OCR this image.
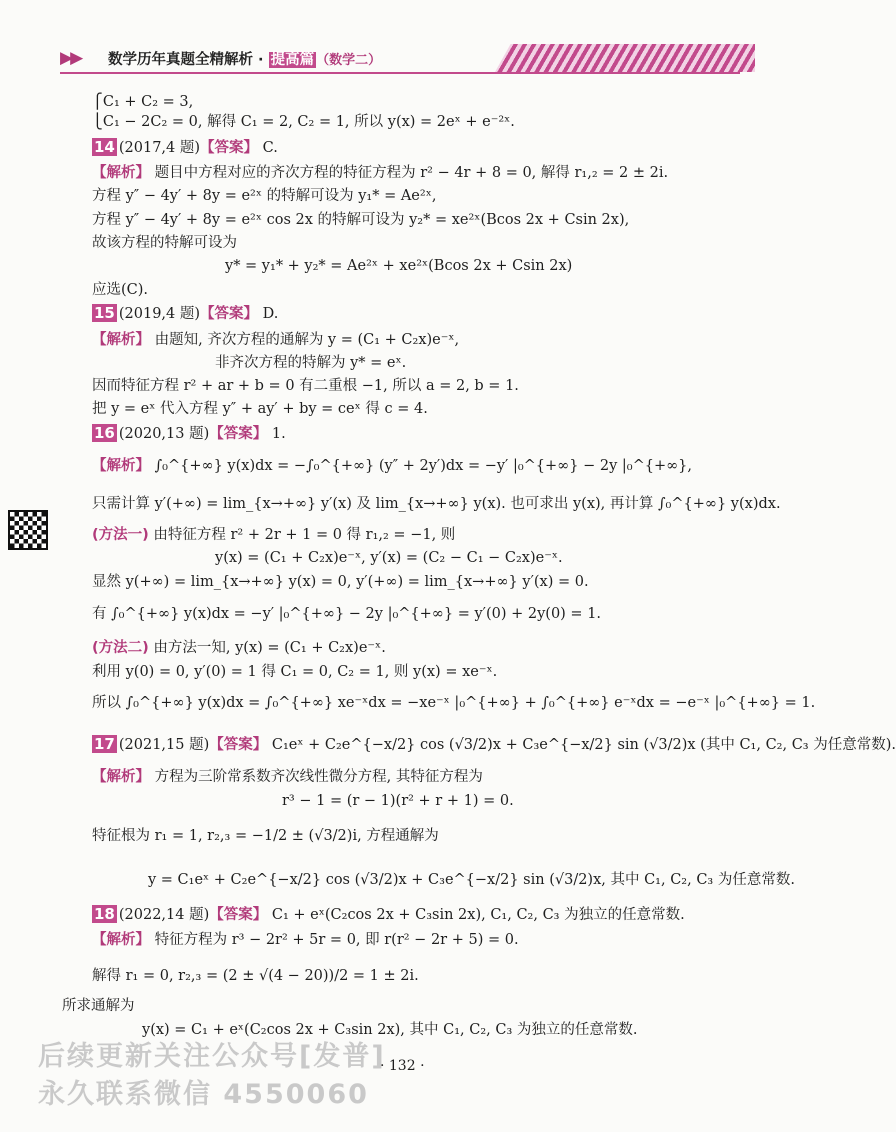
▶▶ 数学历年真题全精解析 · 提高篇 （数学二）
⎧C₁ + C₂ = 3,
⎩C₁ − 2C₂ = 0, 解得 C₁ = 2, C₂ = 1, 所以 y(x) = 2eˣ + e⁻²ˣ.
14 (2017,4 题)【答案】 C.
【解析】 题目中方程对应的齐次方程的特征方程为 r² − 4r + 8 = 0, 解得 r₁,₂ = 2 ± 2i.
方程 y″ − 4y′ + 8y = e²ˣ 的特解可设为 y₁* = Ae²ˣ,
方程 y″ − 4y′ + 8y = e²ˣ cos 2x 的特解可设为 y₂* = xe²ˣ(Bcos 2x + Csin 2x),
故该方程的特解可设为
y* = y₁* + y₂* = Ae²ˣ + xe²ˣ(Bcos 2x + Csin 2x)
应选(C).
15 (2019,4 题)【答案】 D.
【解析】 由题知, 齐次方程的通解为 y = (C₁ + C₂x)e⁻ˣ,
非齐次方程的特解为 y* = eˣ.
因而特征方程 r² + ar + b = 0 有二重根 −1, 所以 a = 2, b = 1.
把 y = eˣ 代入方程 y″ + ay′ + by = ceˣ 得 c = 4.
16 (2020,13 题)【答案】 1.
【解析】 ∫₀^{+∞} y(x)dx = −∫₀^{+∞} (y″ + 2y′)dx = −y′ |₀^{+∞} − 2y |₀^{+∞},
只需计算 y′(+∞) = lim_{x→+∞} y′(x) 及 lim_{x→+∞} y(x). 也可求出 y(x), 再计算 ∫₀^{+∞} y(x)dx.
(方法一) 由特征方程 r² + 2r + 1 = 0 得 r₁,₂ = −1, 则
y(x) = (C₁ + C₂x)e⁻ˣ, y′(x) = (C₂ − C₁ − C₂x)e⁻ˣ.
显然 y(+∞) = lim_{x→+∞} y(x) = 0, y′(+∞) = lim_{x→+∞} y′(x) = 0.
有 ∫₀^{+∞} y(x)dx = −y′ |₀^{+∞} − 2y |₀^{+∞} = y′(0) + 2y(0) = 1.
(方法二) 由方法一知, y(x) = (C₁ + C₂x)e⁻ˣ.
利用 y(0) = 0, y′(0) = 1 得 C₁ = 0, C₂ = 1, 则 y(x) = xe⁻ˣ.
所以 ∫₀^{+∞} y(x)dx = ∫₀^{+∞} xe⁻ˣdx = −xe⁻ˣ |₀^{+∞} + ∫₀^{+∞} e⁻ˣdx = −e⁻ˣ |₀^{+∞} = 1.
17 (2021,15 题)【答案】 C₁eˣ + C₂e^{−x/2} cos (√3/2)x + C₃e^{−x/2} sin (√3/2)x (其中 C₁, C₂, C₃ 为任意常数).
【解析】 方程为三阶常系数齐次线性微分方程, 其特征方程为
r³ − 1 = (r − 1)(r² + r + 1) = 0.
特征根为 r₁ = 1, r₂,₃ = −1/2 ± (√3/2)i, 方程通解为
y = C₁eˣ + C₂e^{−x/2} cos (√3/2)x + C₃e^{−x/2} sin (√3/2)x, 其中 C₁, C₂, C₃ 为任意常数.
18 (2022,14 题)【答案】 C₁ + eˣ(C₂cos 2x + C₃sin 2x), C₁, C₂, C₃ 为独立的任意常数.
【解析】 特征方程为 r³ − 2r² + 5r = 0, 即 r(r² − 2r + 5) = 0.
解得 r₁ = 0, r₂,₃ = (2 ± √(4 − 20))/2 = 1 ± 2i.
所求通解为
y(x) = C₁ + eˣ(C₂cos 2x + C₃sin 2x), 其中 C₁, C₂, C₃ 为独立的任意常数.
· 132 ·
后续更新关注公众号[发普]
永久联系微信 4550060
